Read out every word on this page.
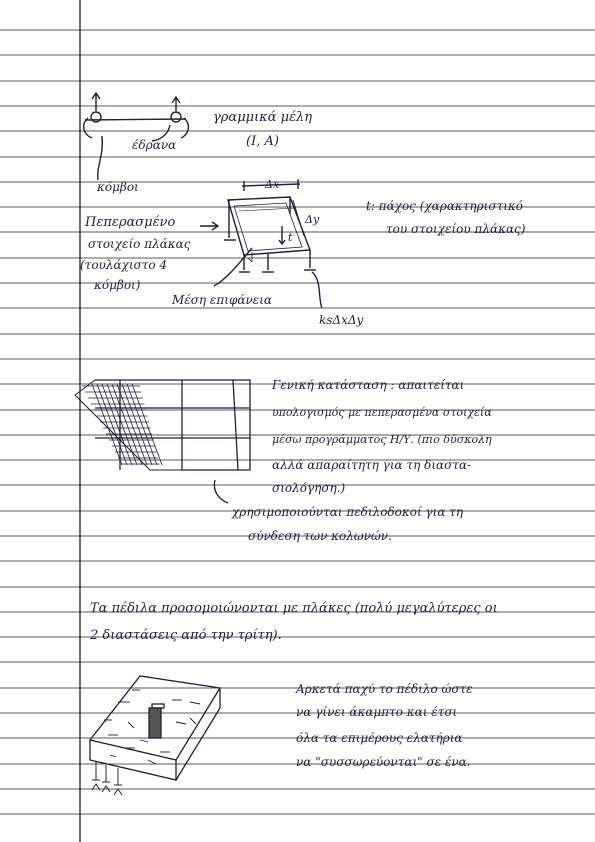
γραμμικά μέλη

(I, A)

έδρανα

κόμβοι	Δx

Δy

t

t: πάχος (χαρακτηριστικό

του στοιχείου πλάκας)

Πεπερασμένο

στοιχείο πλάκας

(τουλάχιστο 4

κόμβοι)

Μέση επιφάνεια

ksΔxΔy

Γενική κατάσταση : απαιτείται

υπολογισμός με πεπερασμένα στοιχεία

μέσω προγράμματος Η/Υ. (πιο δύσκολη

αλλά απαραίτητη για τη διαστα-

σιολόγηση.)

χρησιμοποιούνται πεδιλοδοκοί για τη

σύνδεση των κολωνών.

Τα πέδιλα προσομοιώνονται με πλάκες (πολύ μεγαλύτερες οι

2 διαστάσεις από την τρίτη).

Αρκετά παχύ το πέδιλο ώστε

να γίνει άκαμπτο και έτσι

όλα τα επιμέρους ελατήρια

να "συσσωρεύονται" σε ένα.
